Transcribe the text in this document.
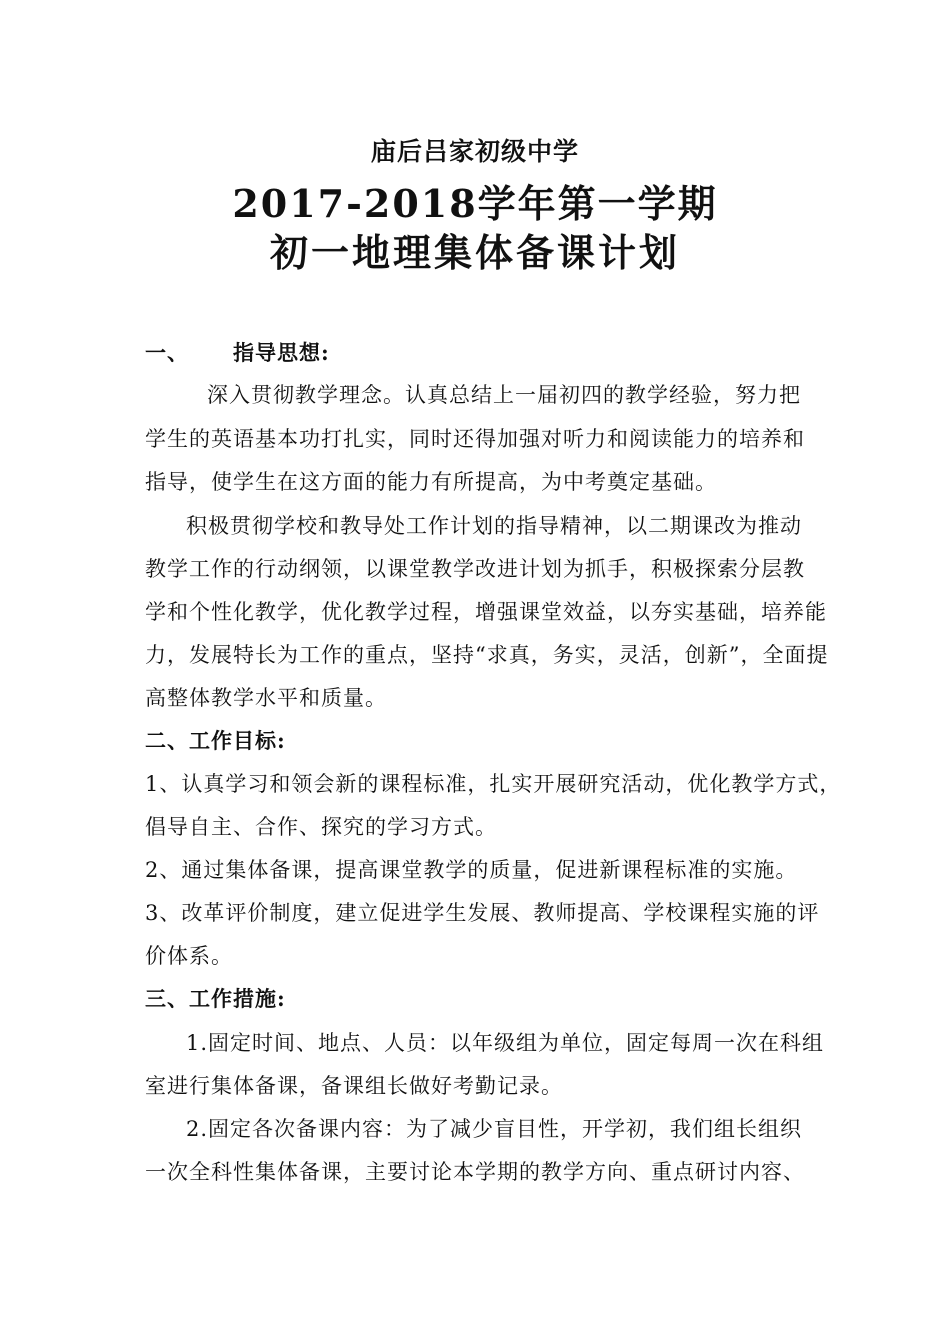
庙后吕家初级中学
2017-2018学年第一学期
初一地理集体备课计划
一、 指导思想:
深入贯彻教学理念。认真总结上一届初四的教学经验，努力把
学生的英语基本功打扎实，同时还得加强对听力和阅读能力的培养和
指导，使学生在这方面的能力有所提高，为中考奠定基础。
积极贯彻学校和教导处工作计划的指导精神，以二期课改为推动
教学工作的行动纲领，以课堂教学改进计划为抓手，积极探索分层教
学和个性化教学，优化教学过程，增强课堂效益，以夯实基础，培养能
力，发展特长为工作的重点，坚持“求真，务实，灵活，创新”，全面提
高整体教学水平和质量。
二、工作目标:
1、认真学习和领会新的课程标准，扎实开展研究活动，优化教学方式，
倡导自主、合作、探究的学习方式。
2、通过集体备课，提高课堂教学的质量，促进新课程标准的实施。
3、改革评价制度，建立促进学生发展、教师提高、学校课程实施的评
价体系。
三、工作措施:
1.固定时间、地点、人员：以年级组为单位，固定每周一次在科组
室进行集体备课，备课组长做好考勤记录。
2.固定各次备课内容：为了减少盲目性，开学初，我们组长组织
一次全科性集体备课，主要讨论本学期的教学方向、重点研讨内容、
